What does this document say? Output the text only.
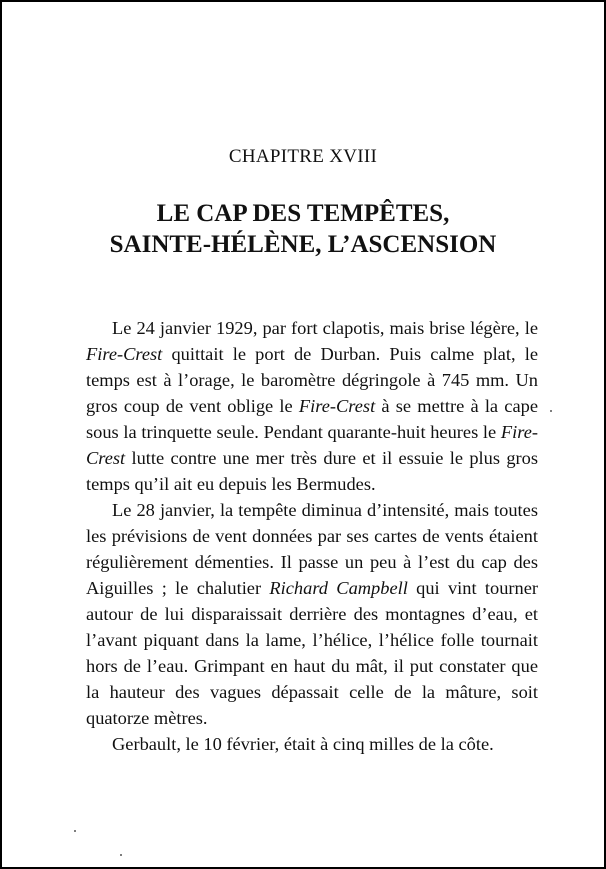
CHAPITRE XVIII
LE CAP DES TEMPÊTES,
SAINTE-HÉLÈNE, L’ASCENSION

Le 24 janvier 1929, par fort clapotis, mais brise légère, le Fire-Crest quittait le port de Durban. Puis calme plat, le temps est à l’orage, le baromètre dégringole à 745 mm. Un gros coup de vent oblige le Fire-Crest à se mettre à la cape sous la trinquette seule. Pendant quarante-huit heures le Fire-Crest lutte contre une mer très dure et il essuie le plus gros temps qu’il ait eu depuis les Bermudes.

Le 28 janvier, la tempête diminua d’intensité, mais toutes les prévisions de vent données par ses cartes de vents étaient régulièrement démenties. Il passe un peu à l’est du cap des Aiguilles ; le chalutier Richard Campbell qui vint tourner autour de lui disparaissait derrière des montagnes d’eau, et l’avant piquant dans la lame, l’hélice, l’hélice folle tournait hors de l’eau. Grimpant en haut du mât, il put constater que la hauteur des vagues dépassait celle de la mâture, soit quatorze mètres.

Gerbault, le 10 février, était à cinq milles de la côte.
